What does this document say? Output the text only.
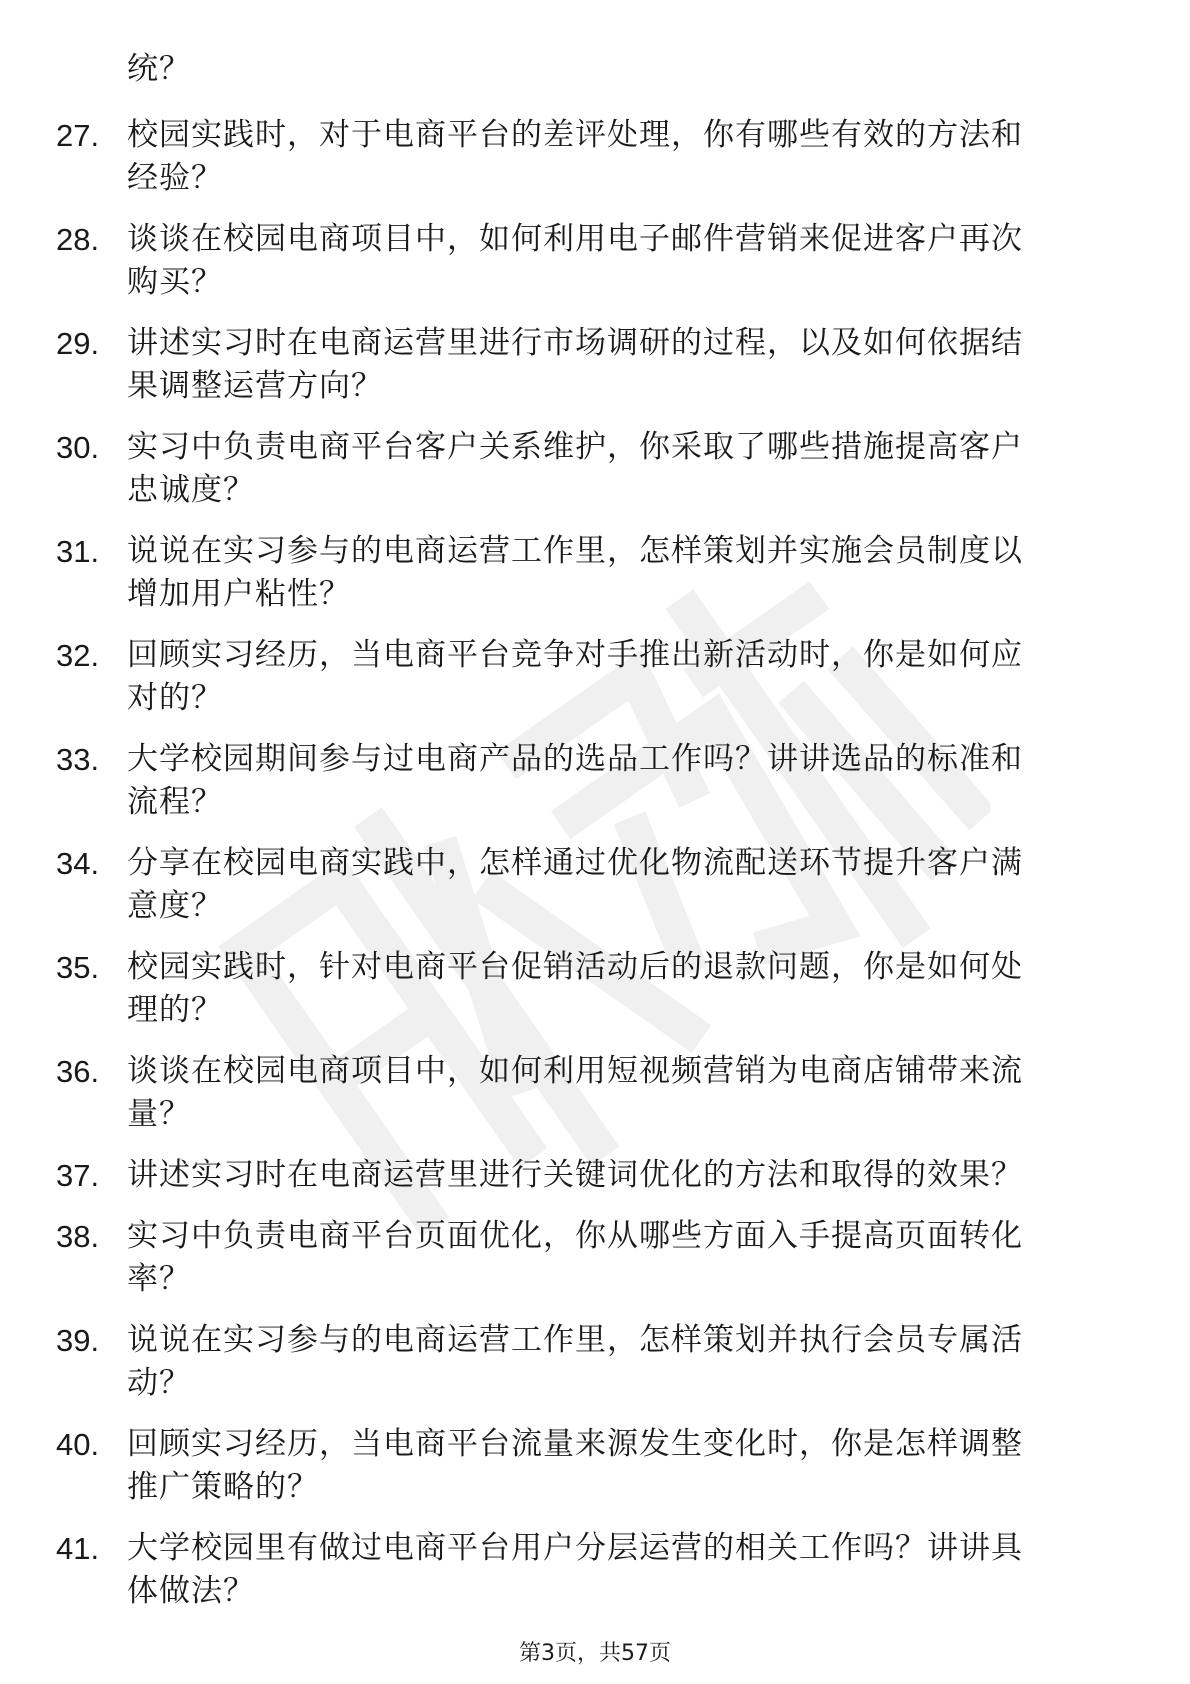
统？
27. 校园实践时，对于电商平台的差评处理，你有哪些有效的方法和
经验？
28. 谈谈在校园电商项目中，如何利用电子邮件营销来促进客户再次
购买？
29. 讲述实习时在电商运营里进行市场调研的过程，以及如何依据结
果调整运营方向？
30. 实习中负责电商平台客户关系维护，你采取了哪些措施提高客户
忠诚度？
31. 说说在实习参与的电商运营工作里，怎样策划并实施会员制度以
增加用户粘性？
32. 回顾实习经历，当电商平台竞争对手推出新活动时，你是如何应
对的？
33. 大学校园期间参与过电商产品的选品工作吗？讲讲选品的标准和
流程？
34. 分享在校园电商实践中，怎样通过优化物流配送环节提升客户满
意度？
35. 校园实践时，针对电商平台促销活动后的退款问题，你是如何处
理的？
36. 谈谈在校园电商项目中，如何利用短视频营销为电商店铺带来流
量？
37. 讲述实习时在电商运营里进行关键词优化的方法和取得的效果？
38. 实习中负责电商平台页面优化，你从哪些方面入手提高页面转化
率？
39. 说说在实习参与的电商运营工作里，怎样策划并执行会员专属活
动？
40. 回顾实习经历，当电商平台流量来源发生变化时，你是怎样调整
推广策略的？
41. 大学校园里有做过电商平台用户分层运营的相关工作吗？讲讲具
体做法？
第3页，共57页
